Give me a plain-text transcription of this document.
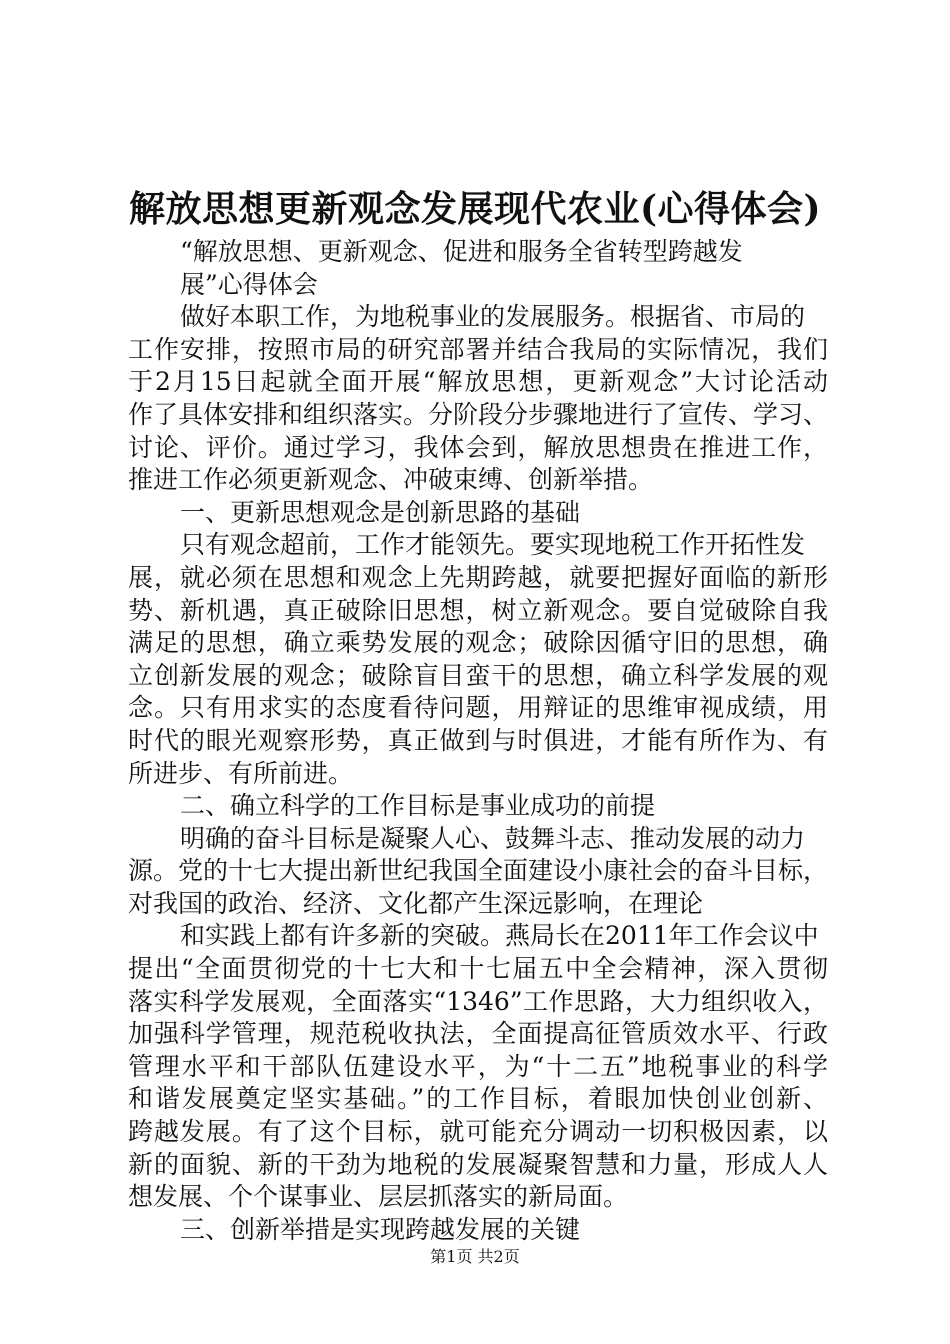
解放思想更新观念发展现代农业(心得体会)
“解放思想、更新观念、促进和服务全省转型跨越发
展”心得体会
做好本职工作，为地税事业的发展服务。根据省、市局的
工作安排，按照市局的研究部署并结合我局的实际情况，我们
于2月15日起就全面开展“解放思想，更新观念”大讨论活动
作了具体安排和组织落实。分阶段分步骤地进行了宣传、学习、
讨论、评价。通过学习，我体会到，解放思想贵在推进工作，
推进工作必须更新观念、冲破束缚、创新举措。
一、更新思想观念是创新思路的基础
只有观念超前，工作才能领先。要实现地税工作开拓性发
展，就必须在思想和观念上先期跨越，就要把握好面临的新形
势、新机遇，真正破除旧思想，树立新观念。要自觉破除自我
满足的思想，确立乘势发展的观念；破除因循守旧的思想，确
立创新发展的观念；破除盲目蛮干的思想，确立科学发展的观
念。只有用求实的态度看待问题，用辩证的思维审视成绩，用
时代的眼光观察形势，真正做到与时俱进，才能有所作为、有
所进步、有所前进。
二、确立科学的工作目标是事业成功的前提
明确的奋斗目标是凝聚人心、鼓舞斗志、推动发展的动力
源。党的十七大提出新世纪我国全面建设小康社会的奋斗目标，
对我国的政治、经济、文化都产生深远影响，在理论
和实践上都有许多新的突破。燕局长在2011年工作会议中
提出“全面贯彻党的十七大和十七届五中全会精神，深入贯彻
落实科学发展观，全面落实“1346”工作思路，大力组织收入，
加强科学管理，规范税收执法，全面提高征管质效水平、行政
管理水平和干部队伍建设水平，为“十二五”地税事业的科学
和谐发展奠定坚实基础。”的工作目标，着眼加快创业创新、
跨越发展。有了这个目标，就可能充分调动一切积极因素，以
新的面貌、新的干劲为地税的发展凝聚智慧和力量，形成人人
想发展、个个谋事业、层层抓落实的新局面。
三、创新举措是实现跨越发展的关键
第1页 共2页
